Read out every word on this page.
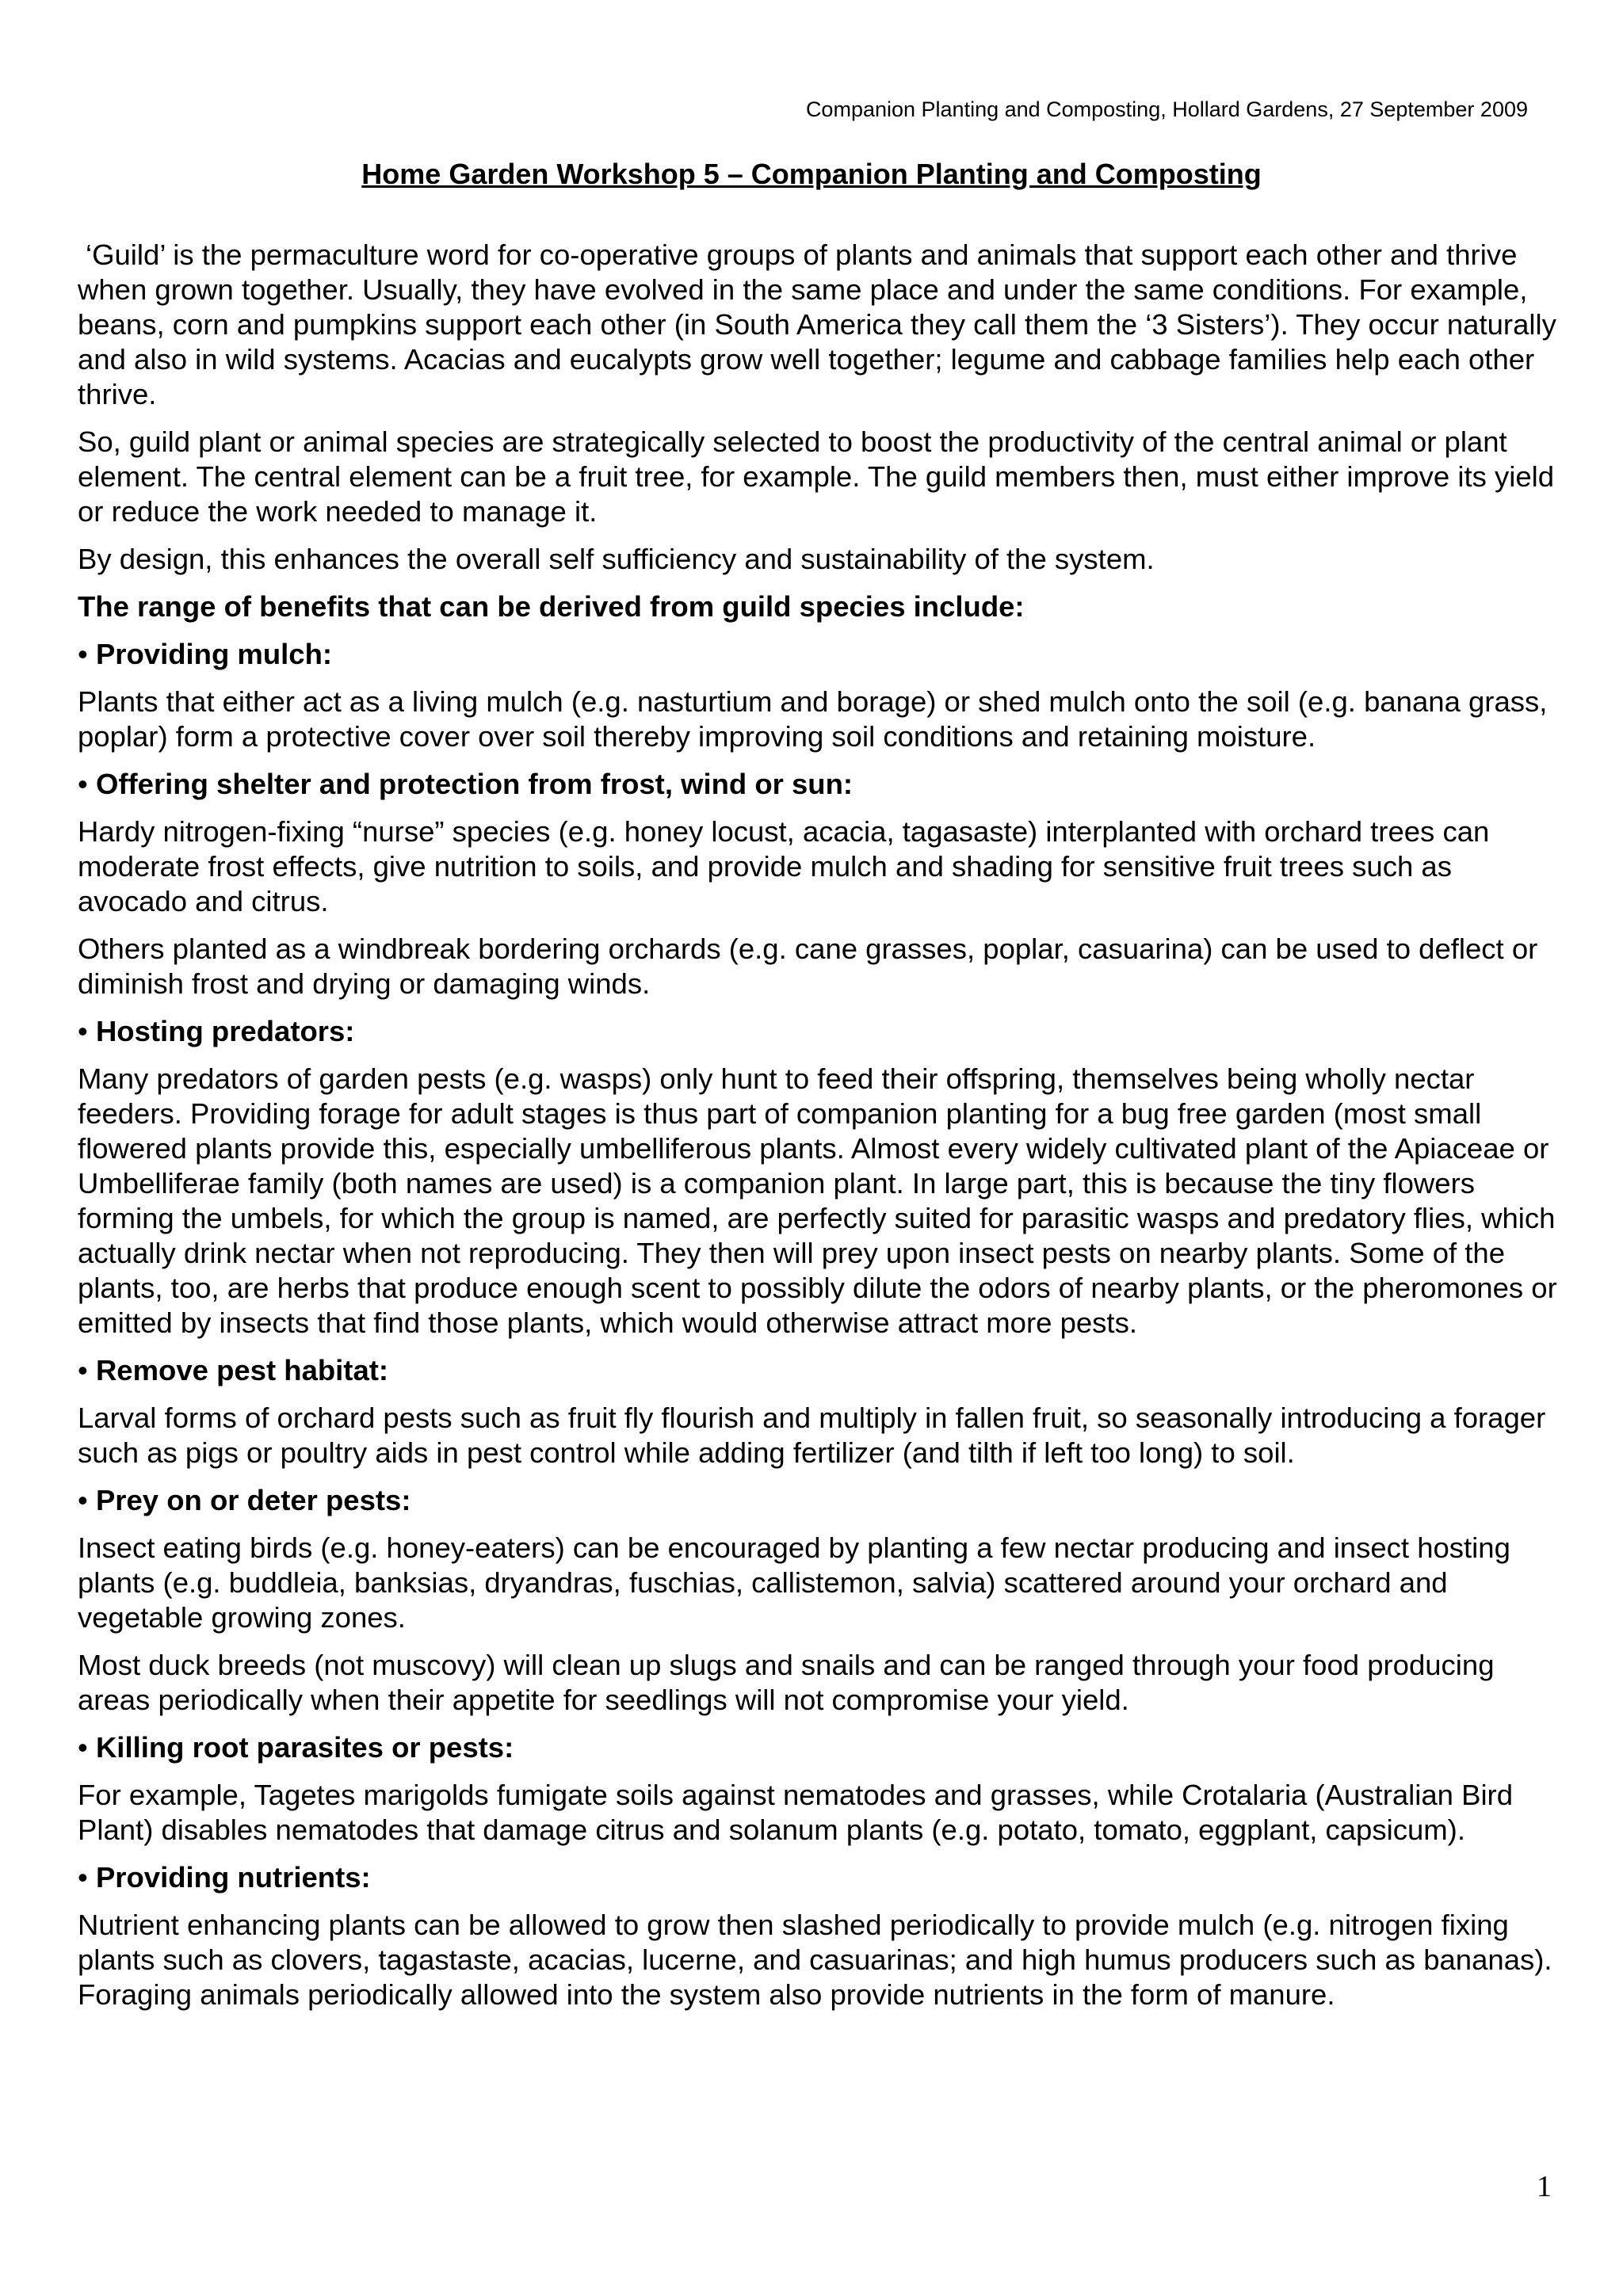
Companion Planting and Composting, Hollard Gardens, 27 September 2009

Home Garden Workshop 5 – Companion Planting and Composting

‘Guild’ is the permaculture word for co-operative groups of plants and animals that support each other and thrive when grown together. Usually, they have evolved in the same place and under the same conditions. For example, beans, corn and pumpkins support each other (in South America they call them the ‘3 Sisters’). They occur naturally and also in wild systems. Acacias and eucalypts grow well together; legume and cabbage families help each other thrive.

So, guild plant or animal species are strategically selected to boost the productivity of the central animal or plant element. The central element can be a fruit tree, for example. The guild members then, must either improve its yield or reduce the work needed to manage it.

By design, this enhances the overall self sufficiency and sustainability of the system.

The range of benefits that can be derived from guild species include:

• Providing mulch:

Plants that either act as a living mulch (e.g. nasturtium and borage) or shed mulch onto the soil (e.g. banana grass, poplar) form a protective cover over soil thereby improving soil conditions and retaining moisture.

• Offering shelter and protection from frost, wind or sun:

Hardy nitrogen-fixing “nurse” species (e.g. honey locust, acacia, tagasaste) interplanted with orchard trees can moderate frost effects, give nutrition to soils, and provide mulch and shading for sensitive fruit trees such as avocado and citrus.

Others planted as a windbreak bordering orchards (e.g. cane grasses, poplar, casuarina) can be used to deflect or diminish frost and drying or damaging winds.

• Hosting predators:

Many predators of garden pests (e.g. wasps) only hunt to feed their offspring, themselves being wholly nectar feeders. Providing forage for adult stages is thus part of companion planting for a bug free garden (most small flowered plants provide this, especially umbelliferous plants. Almost every widely cultivated plant of the Apiaceae or Umbelliferae family (both names are used) is a companion plant. In large part, this is because the tiny flowers forming the umbels, for which the group is named, are perfectly suited for parasitic wasps and predatory flies, which actually drink nectar when not reproducing. They then will prey upon insect pests on nearby plants. Some of the plants, too, are herbs that produce enough scent to possibly dilute the odors of nearby plants, or the pheromones or emitted by insects that find those plants, which would otherwise attract more pests.

• Remove pest habitat:

Larval forms of orchard pests such as fruit fly flourish and multiply in fallen fruit, so seasonally introducing a forager such as pigs or poultry aids in pest control while adding fertilizer (and tilth if left too long) to soil.

• Prey on or deter pests:

Insect eating birds (e.g. honey-eaters) can be encouraged by planting a few nectar producing and insect hosting plants (e.g. buddleia, banksias, dryandras, fuschias, callistemon, salvia) scattered around your orchard and vegetable growing zones.

Most duck breeds (not muscovy) will clean up slugs and snails and can be ranged through your food producing areas periodically when their appetite for seedlings will not compromise your yield.

• Killing root parasites or pests:

For example, Tagetes marigolds fumigate soils against nematodes and grasses, while Crotalaria (Australian Bird Plant) disables nematodes that damage citrus and solanum plants (e.g. potato, tomato, eggplant, capsicum).

• Providing nutrients:

Nutrient enhancing plants can be allowed to grow then slashed periodically to provide mulch (e.g. nitrogen fixing plants such as clovers, tagastaste, acacias, lucerne, and casuarinas; and high humus producers such as bananas). Foraging animals periodically allowed into the system also provide nutrients in the form of manure.

1
